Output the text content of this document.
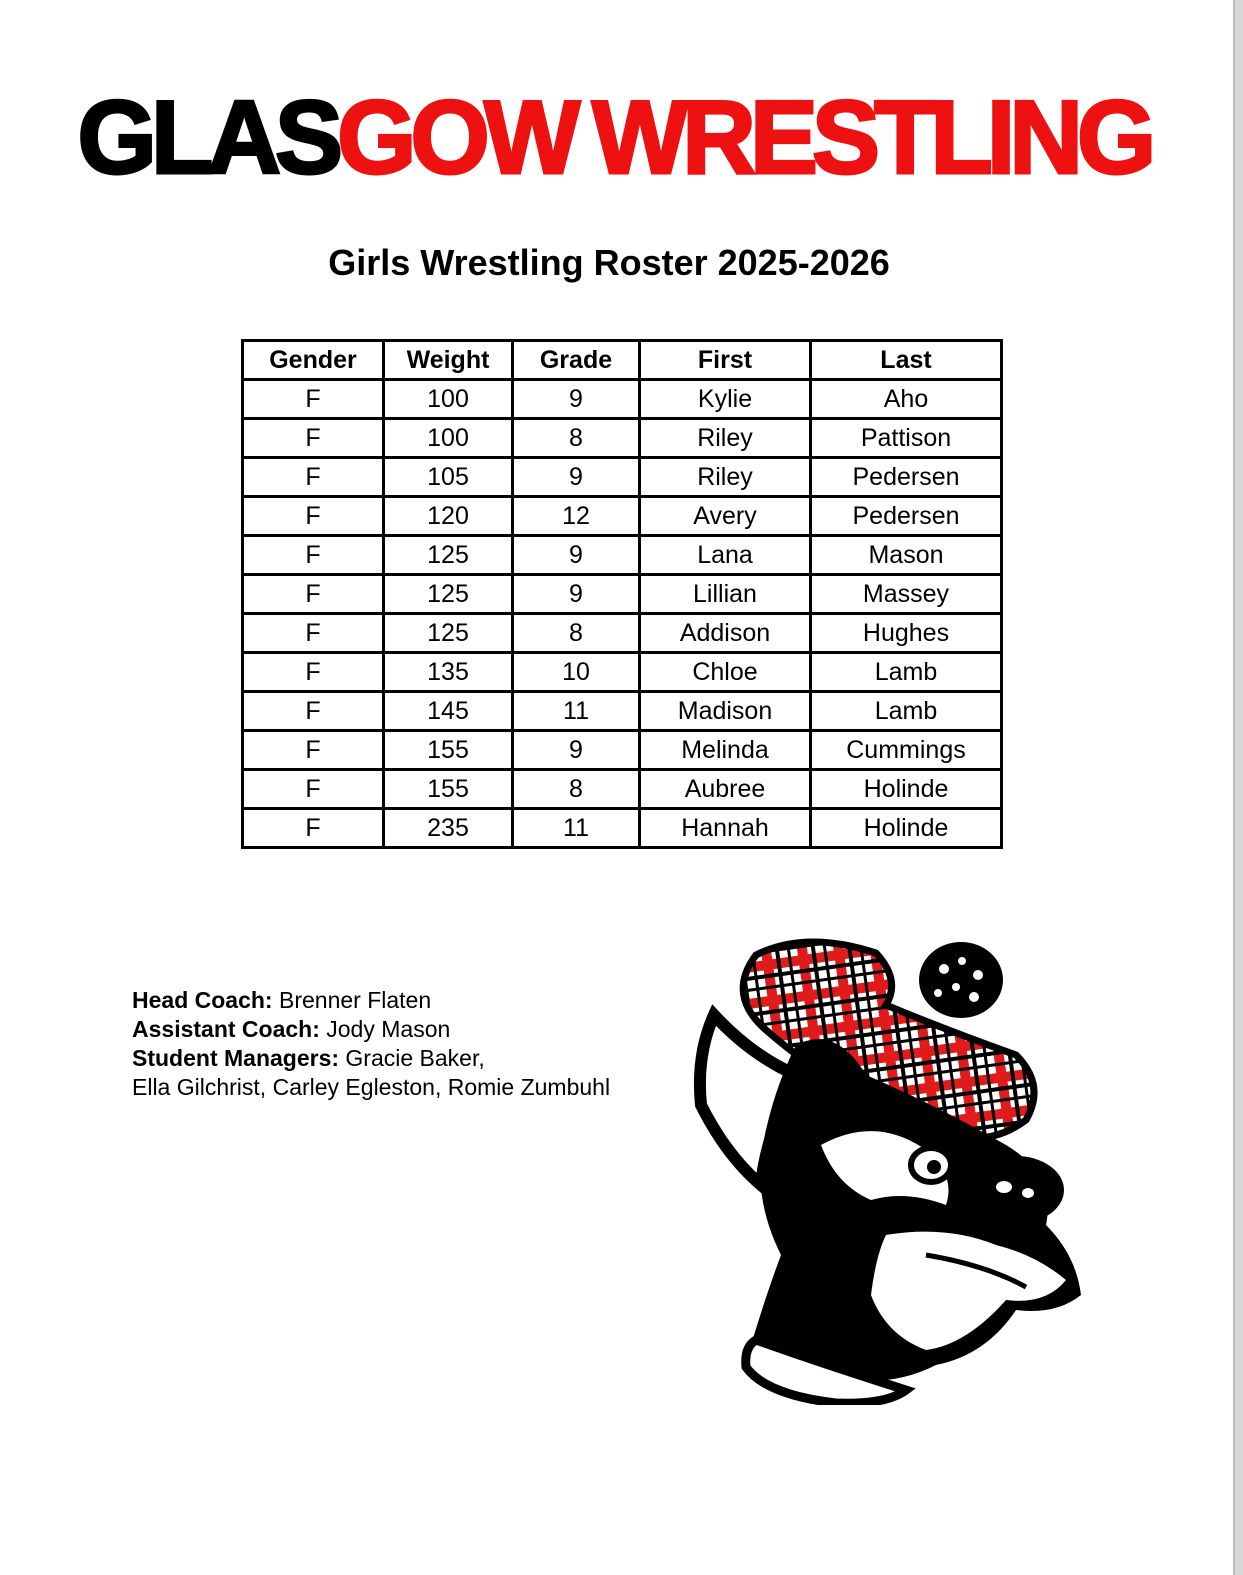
GLASGOW WRESTLING
Girls Wrestling Roster 2025-2026
Gender	Weight	Grade	First	Last
F	100	9	Kylie	Aho
F	100	8	Riley	Pattison
F	105	9	Riley	Pedersen
F	120	12	Avery	Pedersen
F	125	9	Lana	Mason
F	125	9	Lillian	Massey
F	125	8	Addison	Hughes
F	135	10	Chloe	Lamb
F	145	11	Madison	Lamb
F	155	9	Melinda	Cummings
F	155	8	Aubree	Holinde
F	235	11	Hannah	Holinde
Head Coach: Brenner Flaten
Assistant Coach: Jody Mason
Student Managers: Gracie Baker,
Ella Gilchrist, Carley Egleston, Romie Zumbuhl
